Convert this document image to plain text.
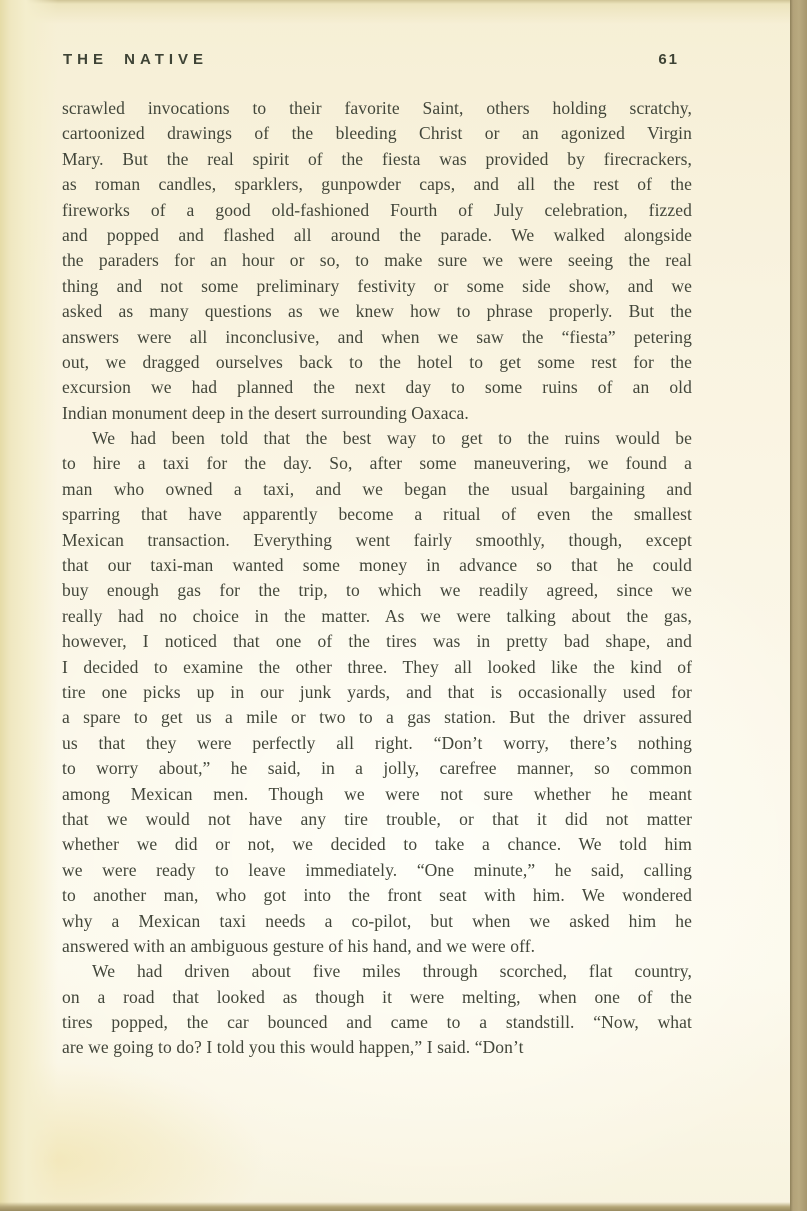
THE NATIVE	61
scrawled invocations to their favorite Saint, others holding scratchy,
cartoonized drawings of the bleeding Christ or an agonized Virgin
Mary. But the real spirit of the fiesta was provided by firecrackers,
as roman candles, sparklers, gunpowder caps, and all the rest of the
fireworks of a good old-fashioned Fourth of July celebration, fizzed
and popped and flashed all around the parade. We walked alongside
the paraders for an hour or so, to make sure we were seeing the real
thing and not some preliminary festivity or some side show, and we
asked as many questions as we knew how to phrase properly. But the
answers were all inconclusive, and when we saw the “fiesta” petering
out, we dragged ourselves back to the hotel to get some rest for the
excursion we had planned the next day to some ruins of an old
Indian monument deep in the desert surrounding Oaxaca.
We had been told that the best way to get to the ruins would be
to hire a taxi for the day. So, after some maneuvering, we found a
man who owned a taxi, and we began the usual bargaining and
sparring that have apparently become a ritual of even the smallest
Mexican transaction. Everything went fairly smoothly, though, except
that our taxi-man wanted some money in advance so that he could
buy enough gas for the trip, to which we readily agreed, since we
really had no choice in the matter. As we were talking about the gas,
however, I noticed that one of the tires was in pretty bad shape, and
I decided to examine the other three. They all looked like the kind of
tire one picks up in our junk yards, and that is occasionally used for
a spare to get us a mile or two to a gas station. But the driver assured
us that they were perfectly all right. “Don’t worry, there’s nothing
to worry about,” he said, in a jolly, carefree manner, so common
among Mexican men. Though we were not sure whether he meant
that we would not have any tire trouble, or that it did not matter
whether we did or not, we decided to take a chance. We told him
we were ready to leave immediately. “One minute,” he said, calling
to another man, who got into the front seat with him. We wondered
why a Mexican taxi needs a co-pilot, but when we asked him he
answered with an ambiguous gesture of his hand, and we were off.
We had driven about five miles through scorched, flat country,
on a road that looked as though it were melting, when one of the
tires popped, the car bounced and came to a standstill. “Now, what
are we going to do? I told you this would happen,” I said. “Don’t
